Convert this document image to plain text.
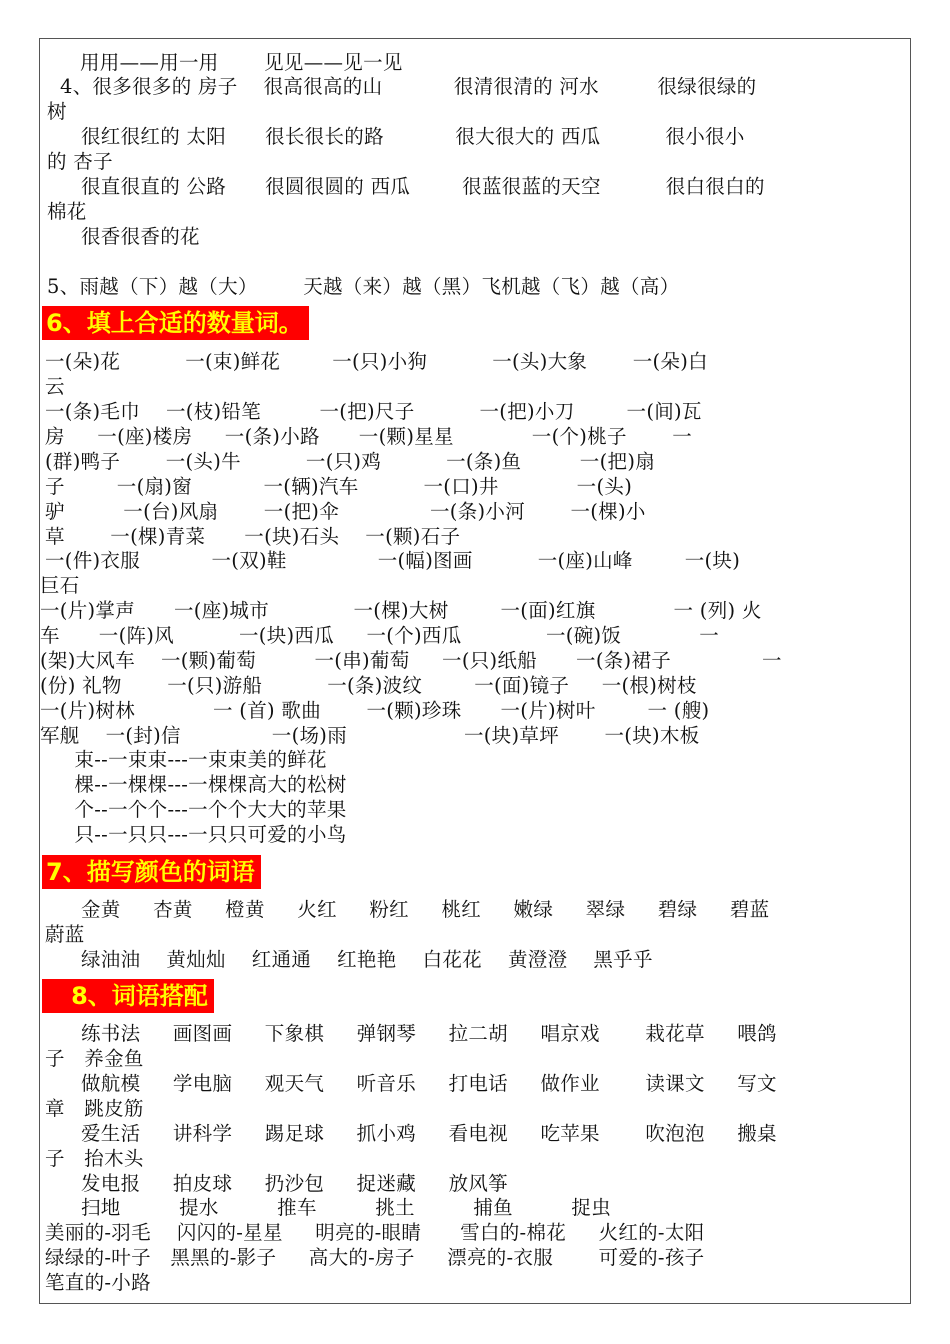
用用——用一用       见见——见一见
4、很多很多的 房子    很高很高的山           很清很清的 河水         很绿很绿的
树
很红很红的 太阳      很长很长的路           很大很大的 西瓜          很小很小
的 杏子
很直很直的 公路      很圆很圆的 西瓜        很蓝很蓝的天空          很白很白的
棉花
很香很香的花
5、雨越（下）越（大）       天越（来）越（黑）飞机越（飞）越（高）
6、填上合适的数量词。
一(朵)花          一(束)鲜花        一(只)小狗          一(头)大象       一(朵)白
云
一(条)毛巾    一(枝)铅笔         一(把)尺子          一(把)小刀        一(间)瓦
房     一(座)楼房     一(条)小路      一(颗)星星            一(个)桃子       一
(群)鸭子       一(头)牛          一(只)鸡          一(条)鱼         一(把)扇
子        一(扇)窗           一(辆)汽车          一(口)井            一(头)
驴         一(台)风扇       一(把)伞              一(条)小河       一(棵)小
草       一(棵)青菜      一(块)石头    一(颗)石子
一(件)衣服           一(双)鞋              一(幅)图画          一(座)山峰        一(块)
巨石
一(片)掌声      一(座)城市             一(棵)大树        一(面)红旗            一 (列) 火
车      一(阵)风          一(块)西瓜     一(个)西瓜             一(碗)饭            一
(架)大风车    一(颗)葡萄         一(串)葡萄     一(只)纸船      一(条)裙子              一
(份) 礼物       一(只)游船          一(条)波纹        一(面)镜子     一(根)树枝
一(片)树林            一 (首) 歌曲       一(颗)珍珠      一(片)树叶        一 (艘)
军舰    一(封)信              一(场)雨                  一(块)草坪       一(块)木板
束--一束束---一束束美的鲜花
棵--一棵棵---一棵棵高大的松树
个--一个个---一个个大大的苹果
只--一只只---一只只可爱的小鸟
7、描写颜色的词语
金黄     杏黄     橙黄     火红     粉红     桃红     嫩绿     翠绿     碧绿     碧蓝
蔚蓝
绿油油    黄灿灿    红通通    红艳艳    白花花    黄澄澄    黑乎乎
8、词语搭配
练书法     画图画     下象棋     弹钢琴     拉二胡     唱京戏       栽花草     喂鸽
子   养金鱼
做航模     学电脑     观天气     听音乐     打电话     做作业       读课文     写文
章   跳皮筋
爱生活     讲科学     踢足球     抓小鸡     看电视     吃苹果       吹泡泡     搬桌
子   抬木头
发电报     拍皮球     扔沙包     捉迷藏     放风筝
扫地         提水         推车         挑土         捕鱼         捉虫
美丽的-羽毛    闪闪的-星星     明亮的-眼睛      雪白的-棉花     火红的-太阳
绿绿的-叶子   黑黑的-影子     高大的-房子     漂亮的-衣服       可爱的-孩子
笔直的-小路
